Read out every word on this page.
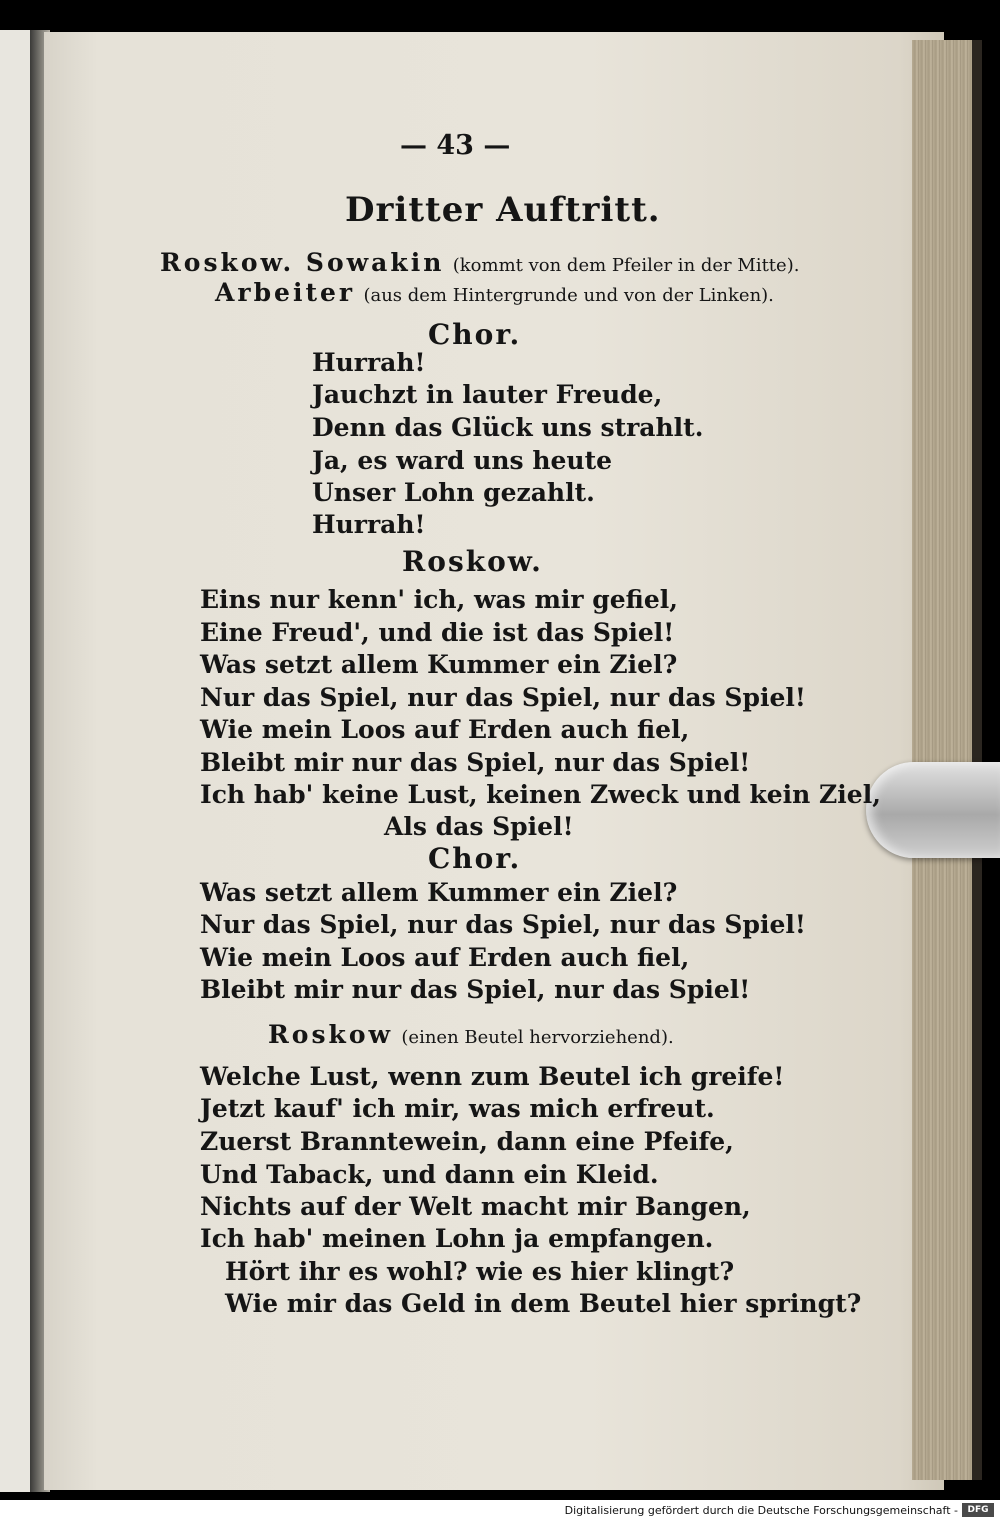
— 43 —
Dritter Auftritt.
Roskow. Sowakin (kommt von dem Pfeiler in der Mitte).
Arbeiter (aus dem Hintergrunde und von der Linken).
Chor.
Hurrah!
Jauchzt in lauter Freude,
Denn das Glück uns strahlt.
Ja, es ward uns heute
Unser Lohn gezahlt.
Hurrah!
Roskow.
Eins nur kenn' ich, was mir gefiel,
Eine Freud', und die ist das Spiel!
Was setzt allem Kummer ein Ziel?
Nur das Spiel, nur das Spiel, nur das Spiel!
Wie mein Loos auf Erden auch fiel,
Bleibt mir nur das Spiel, nur das Spiel!
Ich hab' keine Lust, keinen Zweck und kein Ziel,
Als das Spiel!
Chor.
Was setzt allem Kummer ein Ziel?
Nur das Spiel, nur das Spiel, nur das Spiel!
Wie mein Loos auf Erden auch fiel,
Bleibt mir nur das Spiel, nur das Spiel!
Roskow (einen Beutel hervorziehend).
Welche Lust, wenn zum Beutel ich greife!
Jetzt kauf' ich mir, was mich erfreut.
Zuerst Branntewein, dann eine Pfeife,
Und Taback, und dann ein Kleid.
Nichts auf der Welt macht mir Bangen,
Ich hab' meinen Lohn ja empfangen.
Hört ihr es wohl? wie es hier klingt?
Wie mir das Geld in dem Beutel hier springt?
Digitalisierung gefördert durch die Deutsche Forschungsgemeinschaft -	DFG
